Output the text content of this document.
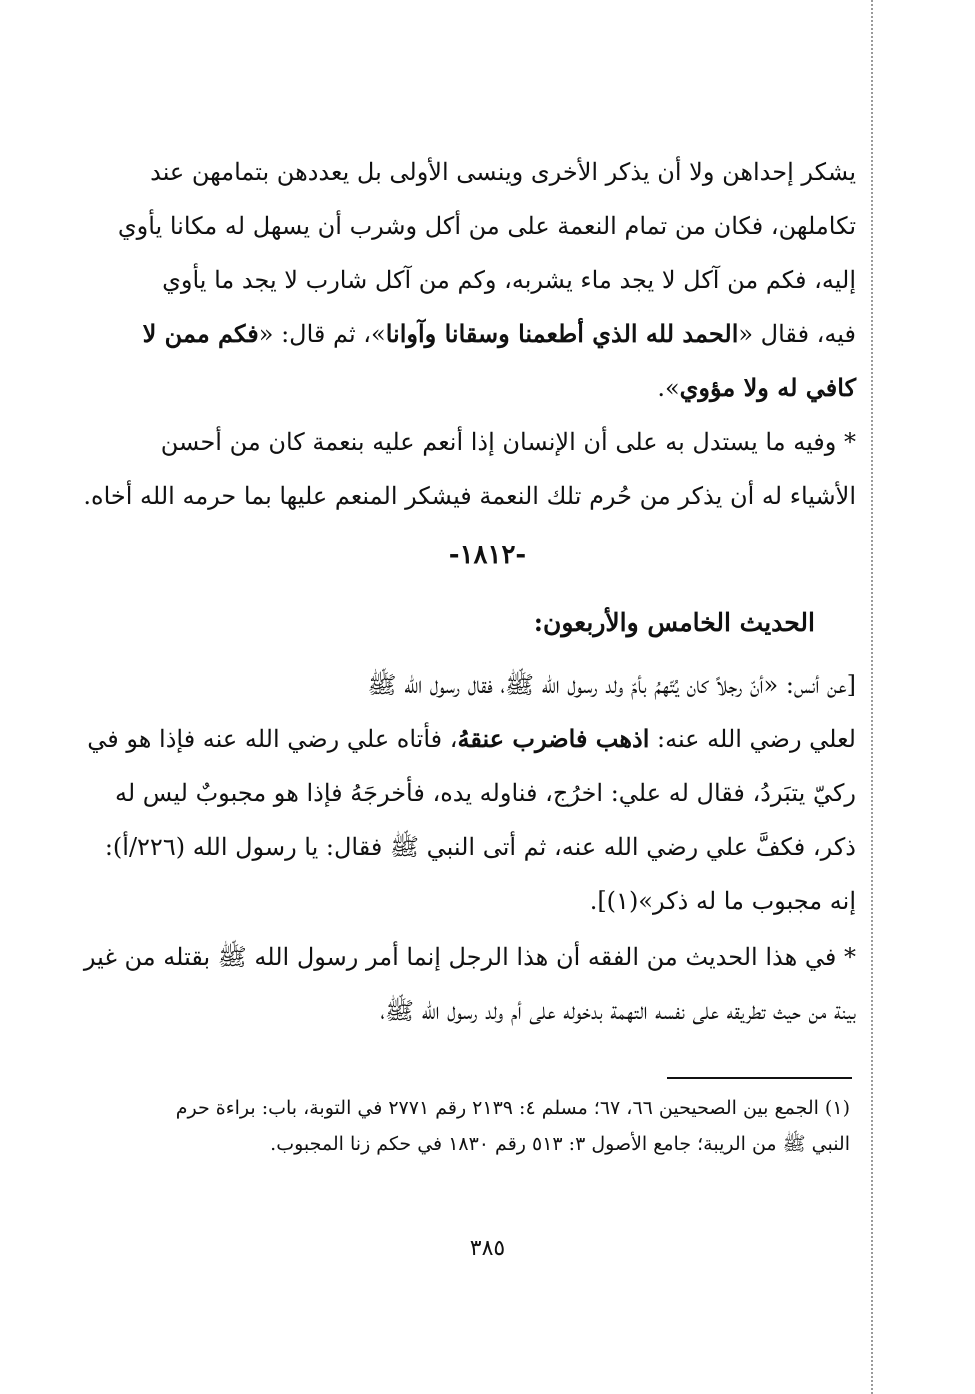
يشكر إحداهن ولا أن يذكر الأخرى وينسى الأولى بل يعددهن بتمامهن عند
تكاملهن، فكان من تمام النعمة على من أكل وشرب أن يسهل له مكانا يأوي
إليه، فكم من آكل لا يجد ماء يشربه، وكم من آكل شارب لا يجد ما يأوي
فيه، فقال «الحمد لله الذي أطعمنا وسقانا وآوانا»، ثم قال: «فكم ممن لا
كافي له ولا مؤوي».
* وفيه ما يستدل به على أن الإنسان إذا أنعم عليه بنعمة كان من أحسن
الأشياء له أن يذكر من حُرم تلك النعمة فيشكر المنعم عليها بما حرمه الله أخاه.
-١٨١٢-
الحديث الخامس والأربعون:
[عن أنس: «أنّ رجلاً كان يُتّهمُ بأمّ ولد رسول الله ﷺ، فقال رسول الله ﷺ
لعلي رضي الله عنه: اذهب فاضرب عنقهُ، فأتاه علي رضي الله عنه فإذا هو في
ركيّ يتبَردُ، فقال له علي: اخرُج، فناوله يده، فأخرجَهُ فإذا هو مجبوبٌ ليس له
ذكر، فكفَّ علي رضي الله عنه، ثم أتى النبي ﷺ فقال: يا رسول الله (٢٢٦/أ):
إنه مجبوب ما له ذكر»(١)].
* في هذا الحديث من الفقه أن هذا الرجل إنما أمر رسول الله ﷺ بقتله من غير
بينة من حيث تطريقه على نفسه التهمة بدخوله على أم ولد رسول الله ﷺ،
(١) الجمع بين الصحيحين ٦٦، ٦٧؛ مسلم ٤: ٢١٣٩ رقم ٢٧٧١ في التوبة، باب: براءة حرم
النبي ﷺ من الريبة؛ جامع الأصول ٣: ٥١٣ رقم ١٨٣٠ في حكم زنا المجبوب.
٣٨٥
